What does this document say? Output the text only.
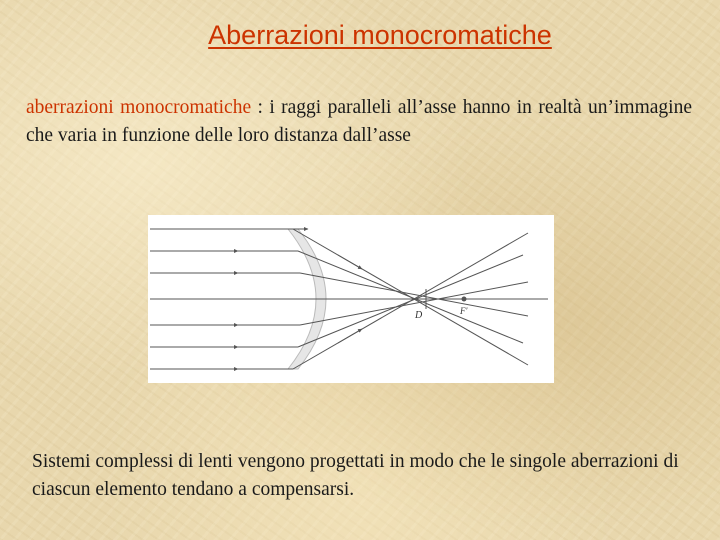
Aberrazioni monocromatiche

aberrazioni monocromatiche : i raggi paralleli all’asse hanno in realtà un’immagine che varia in funzione delle loro distanza dall’asse

D	F'

Sistemi complessi di lenti vengono progettati in modo che le singole aberrazioni di ciascun elemento tendano a compensarsi.
